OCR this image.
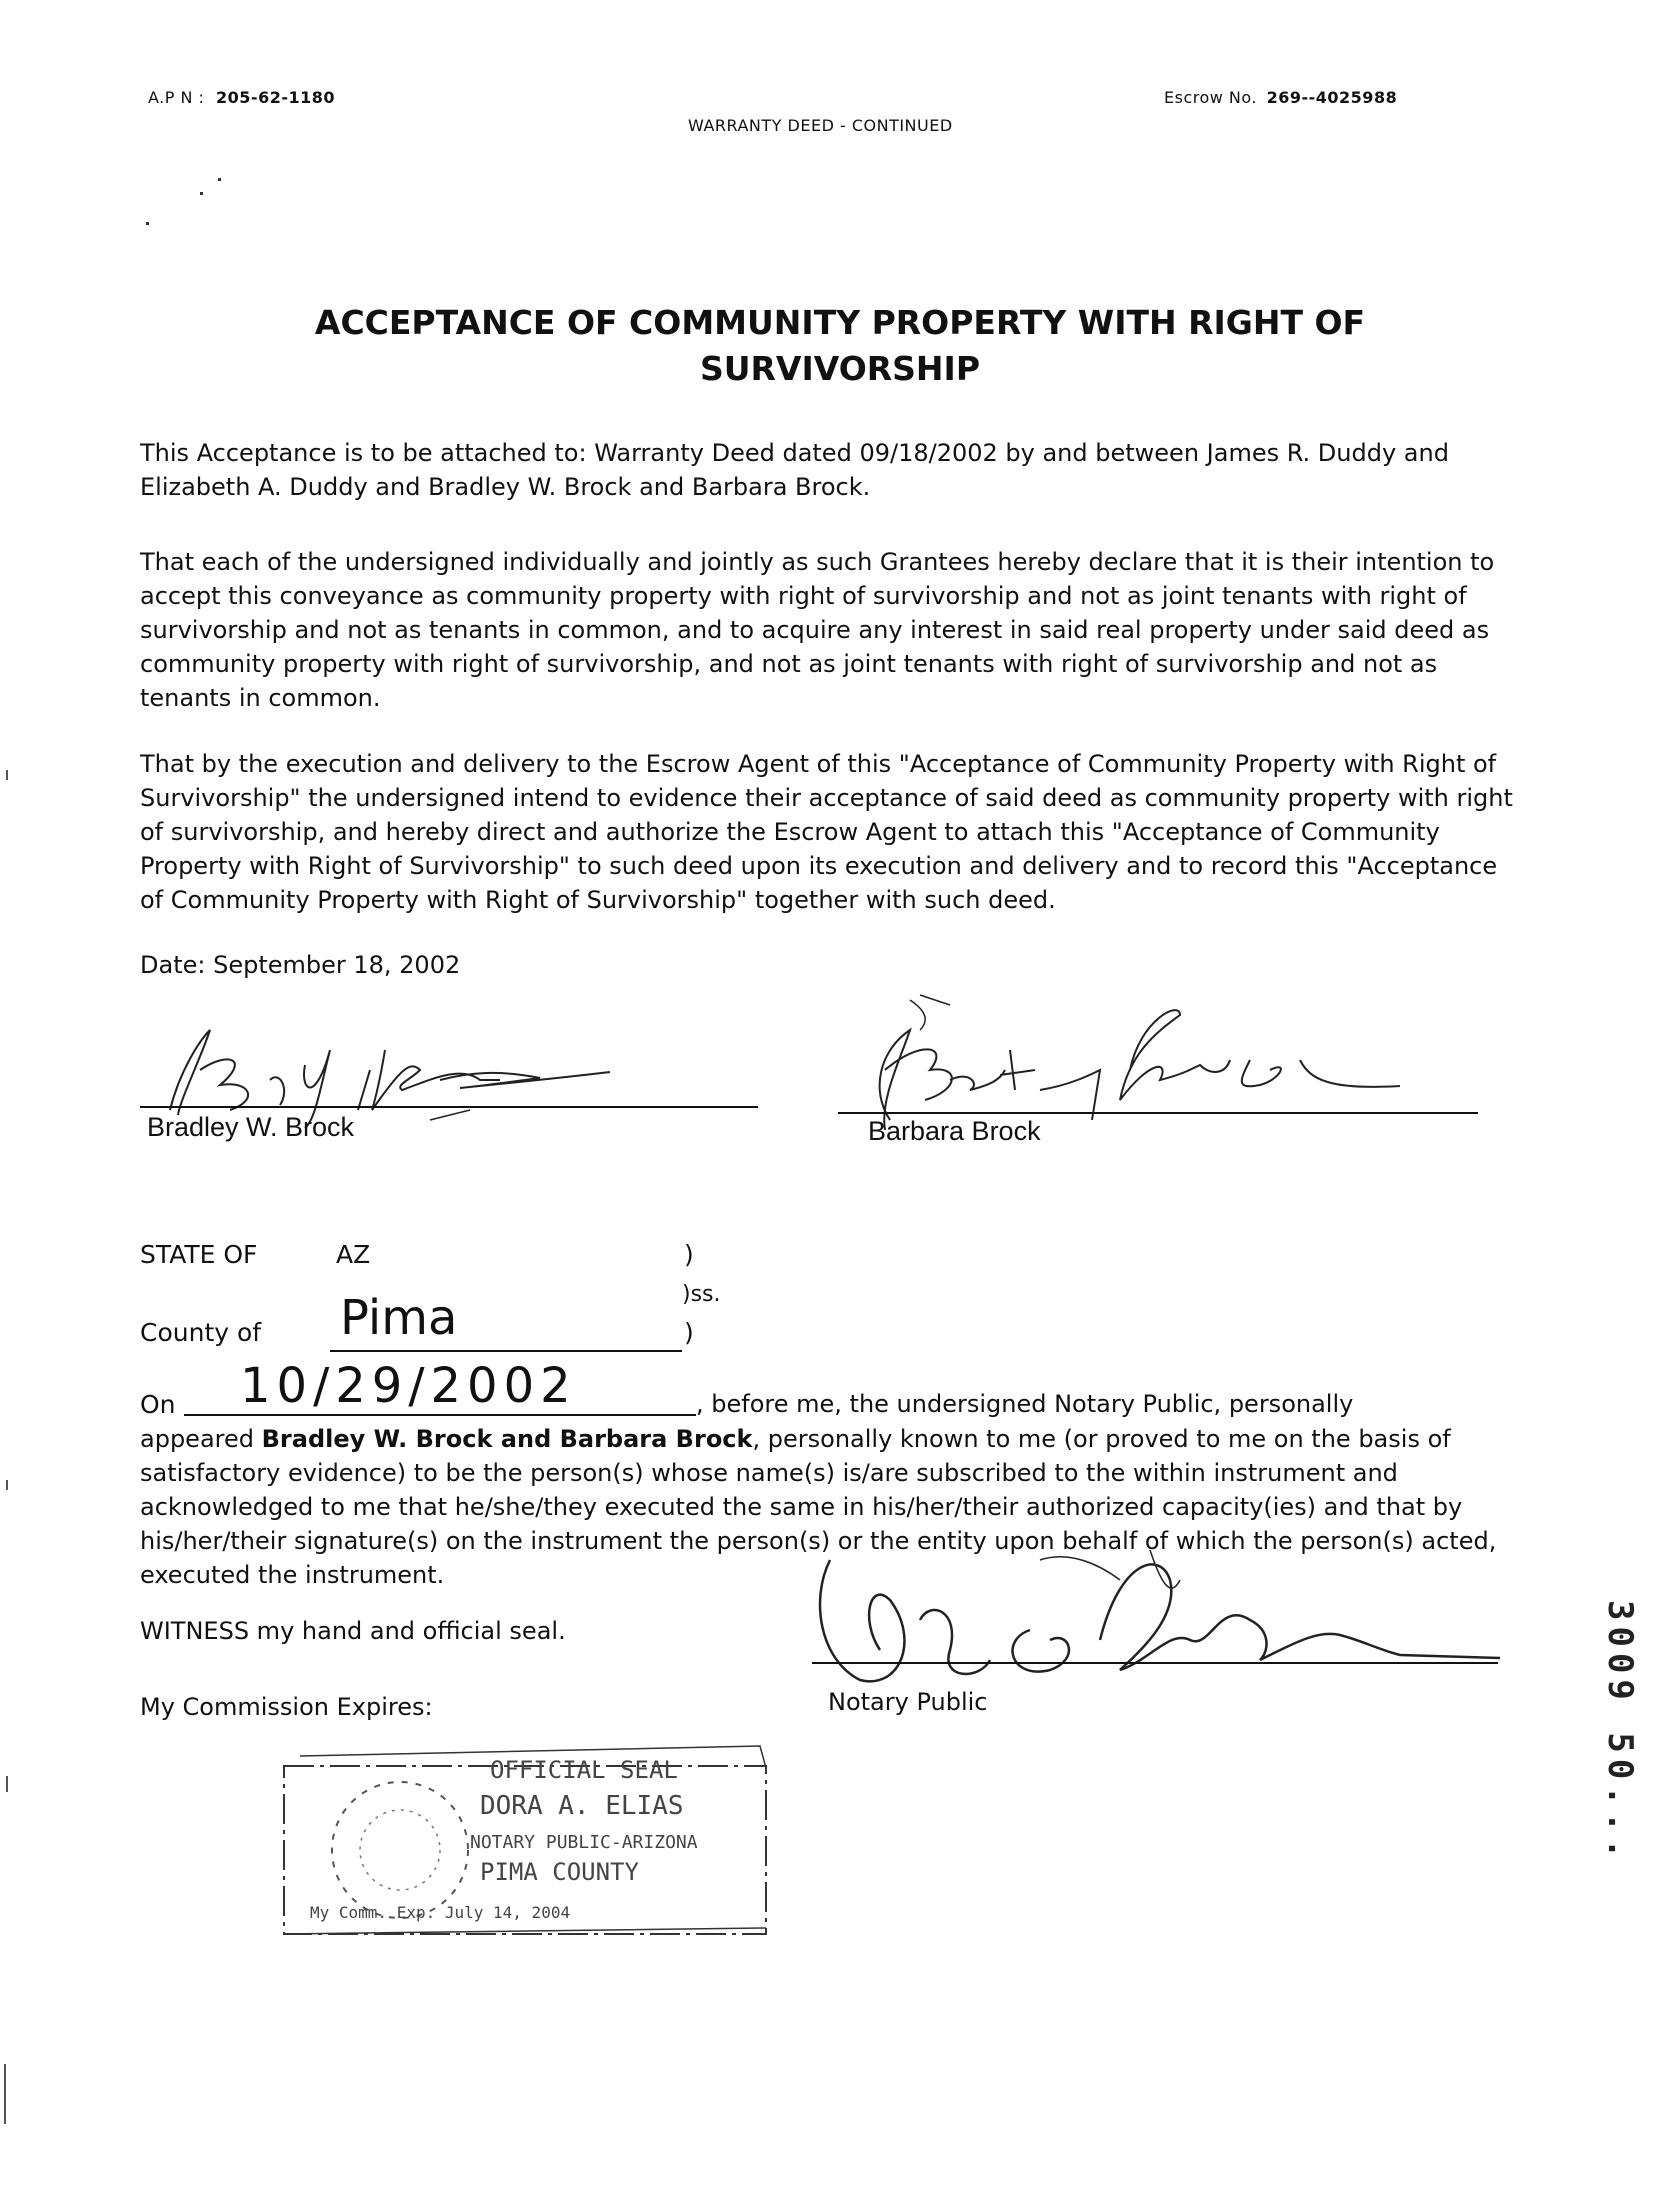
A.P N : 205-62-1180	Escrow No. 269--4025988
WARRANTY DEED - CONTINUED
ACCEPTANCE OF COMMUNITY PROPERTY WITH RIGHT OF
SURVIVORSHIP
This Acceptance is to be attached to: Warranty Deed dated 09/18/2002 by and between James R. Duddy and Elizabeth A. Duddy and Bradley W. Brock and Barbara Brock.
That each of the undersigned individually and jointly as such Grantees hereby declare that it is their intention to accept this conveyance as community property with right of survivorship and not as joint tenants with right of survivorship and not as tenants in common, and to acquire any interest in said real property under said deed as community property with right of survivorship, and not as joint tenants with right of survivorship and not as tenants in common.
That by the execution and delivery to the Escrow Agent of this "Acceptance of Community Property with Right of Survivorship" the undersigned intend to evidence their acceptance of said deed as community property with right of survivorship, and hereby direct and authorize the Escrow Agent to attach this "Acceptance of Community Property with Right of Survivorship" to such deed upon its execution and delivery and to record this "Acceptance of Community Property with Right of Survivorship" together with such deed.
Date: September 18, 2002
Bradley W. Brock	Barbara Brock
STATE OF	AZ	)
)ss.
County of Pima	)
On 10/29/2002	, before me, the undersigned Notary Public, personally
appeared Bradley W. Brock and Barbara Brock, personally known to me (or proved to me on the basis of satisfactory evidence) to be the person(s) whose name(s) is/are subscribed to the within instrument and acknowledged to me that he/she/they executed the same in his/her/their authorized capacity(ies) and that by his/her/their signature(s) on the instrument the person(s) or the entity upon behalf of which the person(s) acted, executed the instrument.
WITNESS my hand and official seal.
My Commission Expires:	Notary Public
OFFICIAL SEAL
DORA A. ELIAS
NOTARY PUBLIC-ARIZONA
PIMA COUNTY
My Comm. Exp. July 14, 2004
3009 50...
